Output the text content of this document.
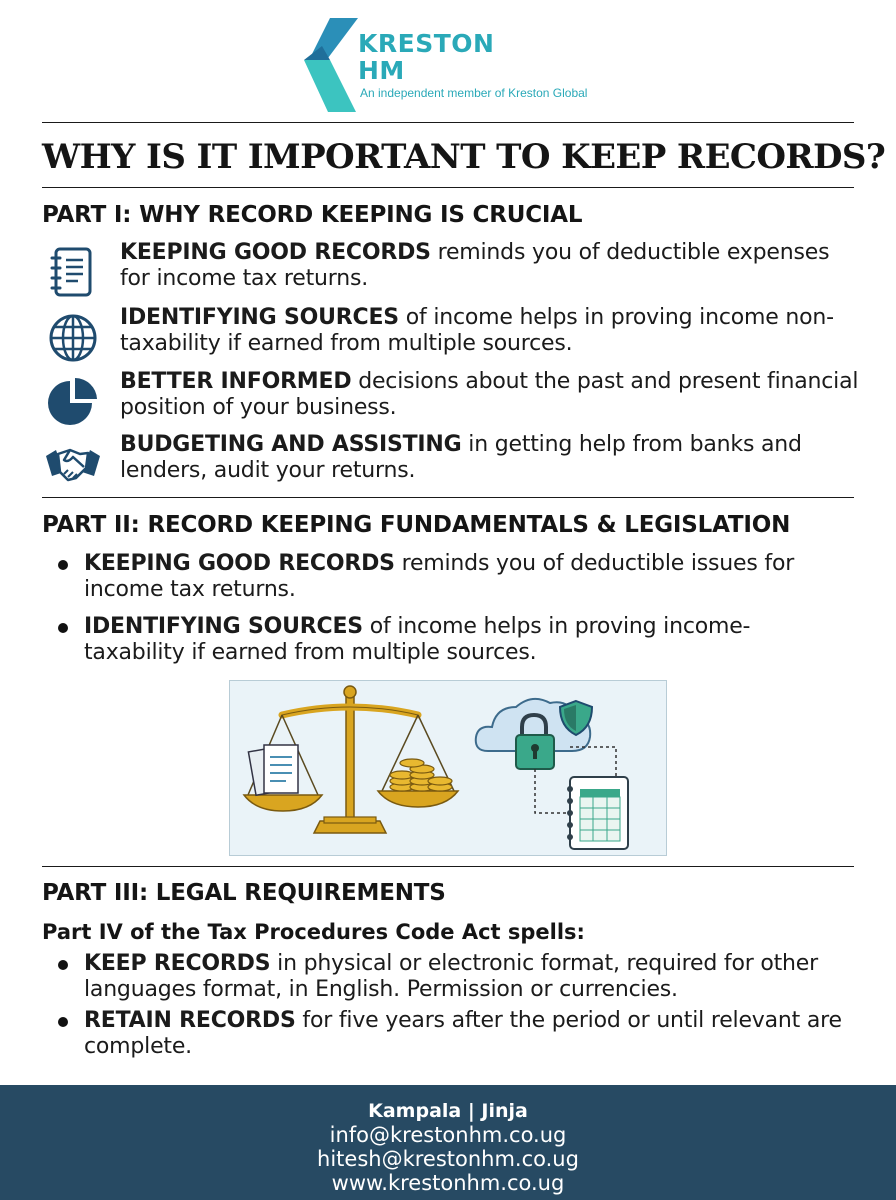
KRESTON
HM
An independent member of Kreston Global
WHY IS IT IMPORTANT TO KEEP RECORDS?
PART I: WHY RECORD KEEPING IS CRUCIAL
KEEPING GOOD RECORDS reminds you of deductible expenses for income tax returns.
IDENTIFYING SOURCES of income helps in proving income non-taxability if earned from multiple sources.
BETTER INFORMED decisions about the past and present financial position of your business.
BUDGETING AND ASSISTING in getting help from banks and lenders, audit your returns.
PART II: RECORD KEEPING FUNDAMENTALS & LEGISLATION
KEEPING GOOD RECORDS reminds you of deductible issues for income tax returns.
IDENTIFYING SOURCES of income helps in proving income-taxability if earned from multiple sources.
PART III: LEGAL REQUIREMENTS
Part IV of the Tax Procedures Code Act spells:
KEEP RECORDS in physical or electronic format, required for other languages format, in English. Permission or currencies.
RETAIN RECORDS for five years after the period or until relevant are complete.
Kampala | Jinja
info@krestonhm.co.ug
hitesh@krestonhm.co.ug
www.krestonhm.co.ug
